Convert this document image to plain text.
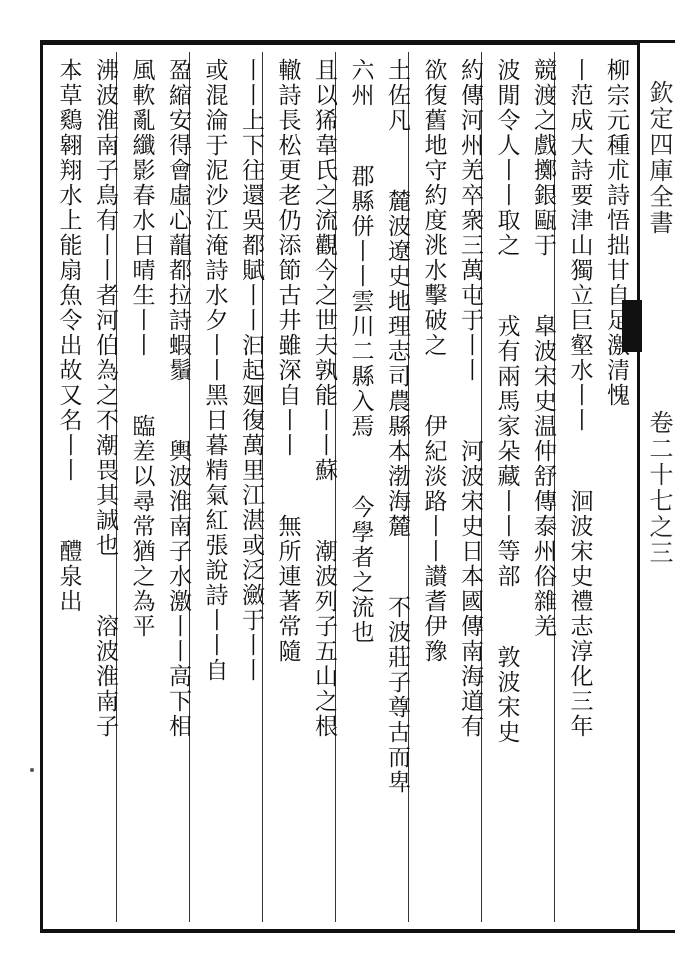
欽定四庫全書
卷二十七之三
柳宗元種朮詩悟拙甘自足激清愧
丨范成大詩要津山獨立巨壑水丨丨  洄波宋史禮志淳化三年
競渡之戲擲銀甌于  皐波宋史温仲舒傳泰州俗雜羌
波閒令人丨丨取之  戎有兩馬家朵藏丨丨等部  敦波宋史
約傳河州羌卒衆三萬屯于丨丨  河波宋史日本國傳南海道有
欲復舊地守約度洮水擊破之  伊紀淡路丨丨讃耆伊豫
土佐凡  麓波遼史地理志司農縣本渤海麓  不波莊子尊古而卑
六州  郡縣併丨丨雲川二縣入焉  今學者之流也
且以狶韋氏之流觀今之世夫孰能丨丨蘇  潮波列子五山之根
轍詩長松更老仍添節古井雖深自丨丨  無所連著常隨
丨丨上下往還吳都賦丨丨汩起廻復萬里江湛或泛瀲于丨丨
或混淪于泥沙江淹詩水夕丨丨黑日暮精氣紅張說詩丨丨自
盈縮安得會虛心蘢都拉詩蝦鬚  輿波淮南子水激丨丨高下相
風軟亂纖影春水日晴生丨丨  臨差以尋常猶之為平
沸波淮南子鳥有丨丨者河伯為之不潮畏其誠也  溶波淮南子
本草鷄翱翔水上能扇魚令出故又名丨丨  醴泉出
